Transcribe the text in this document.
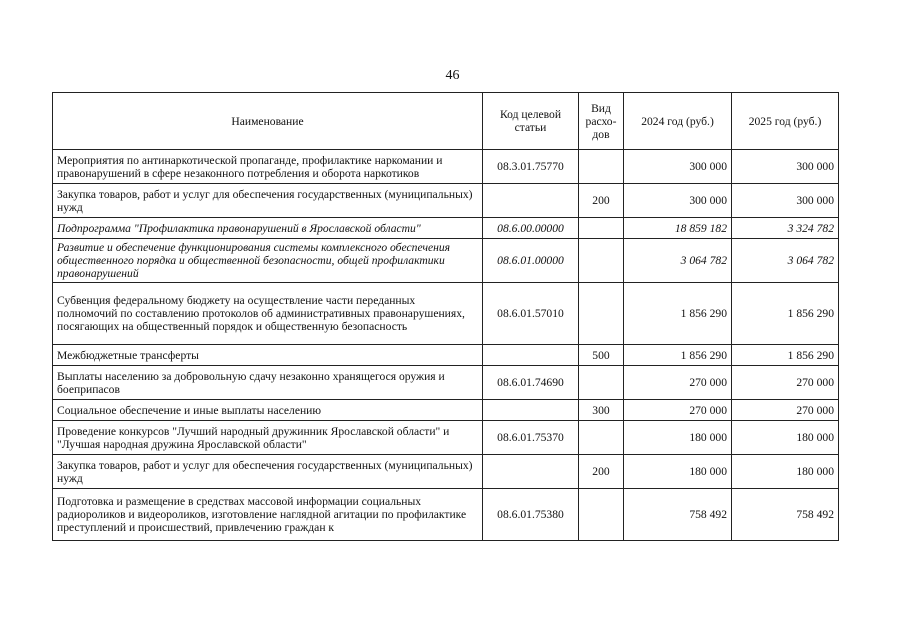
46
Наименование	Код целевой статьи	Вид расхо-дов	2024 год (руб.)	2025 год (руб.)
Мероприятия по антинаркотической пропаганде, профилактике наркомании и правонарушений в сфере незаконного потребления и оборота наркотиков	08.3.01.75770		300 000	300 000
Закупка товаров, работ и услуг для обеспечения государственных (муниципальных) нужд		200	300 000	300 000
Подпрограмма "Профилактика правонарушений в Ярославской области"	08.6.00.00000		18 859 182	3 324 782
Развитие и обеспечение функционирования системы комплексного обеспечения общественного порядка и общественной безопасности, общей профилактики правонарушений	08.6.01.00000		3 064 782	3 064 782
Субвенция федеральному бюджету на осуществление части переданных полномочий по составлению протоколов об административных правонарушениях, посягающих на общественный порядок и общественную безопасность	08.6.01.57010		1 856 290	1 856 290
Межбюджетные трансферты		500	1 856 290	1 856 290
Выплаты населению за добровольную сдачу незаконно хранящегося оружия и боеприпасов	08.6.01.74690		270 000	270 000
Социальное обеспечение и иные выплаты населению		300	270 000	270 000
Проведение конкурсов "Лучший народный дружинник Ярославской области" и "Лучшая народная дружина Ярославской области"	08.6.01.75370		180 000	180 000
Закупка товаров, работ и услуг для обеспечения государственных (муниципальных) нужд		200	180 000	180 000
Подготовка и размещение в средствах массовой информации социальных радиороликов и видеороликов, изготовление наглядной агитации по профилактике преступлений и происшествий, привлечению граждан к	08.6.01.75380		758 492	758 492
